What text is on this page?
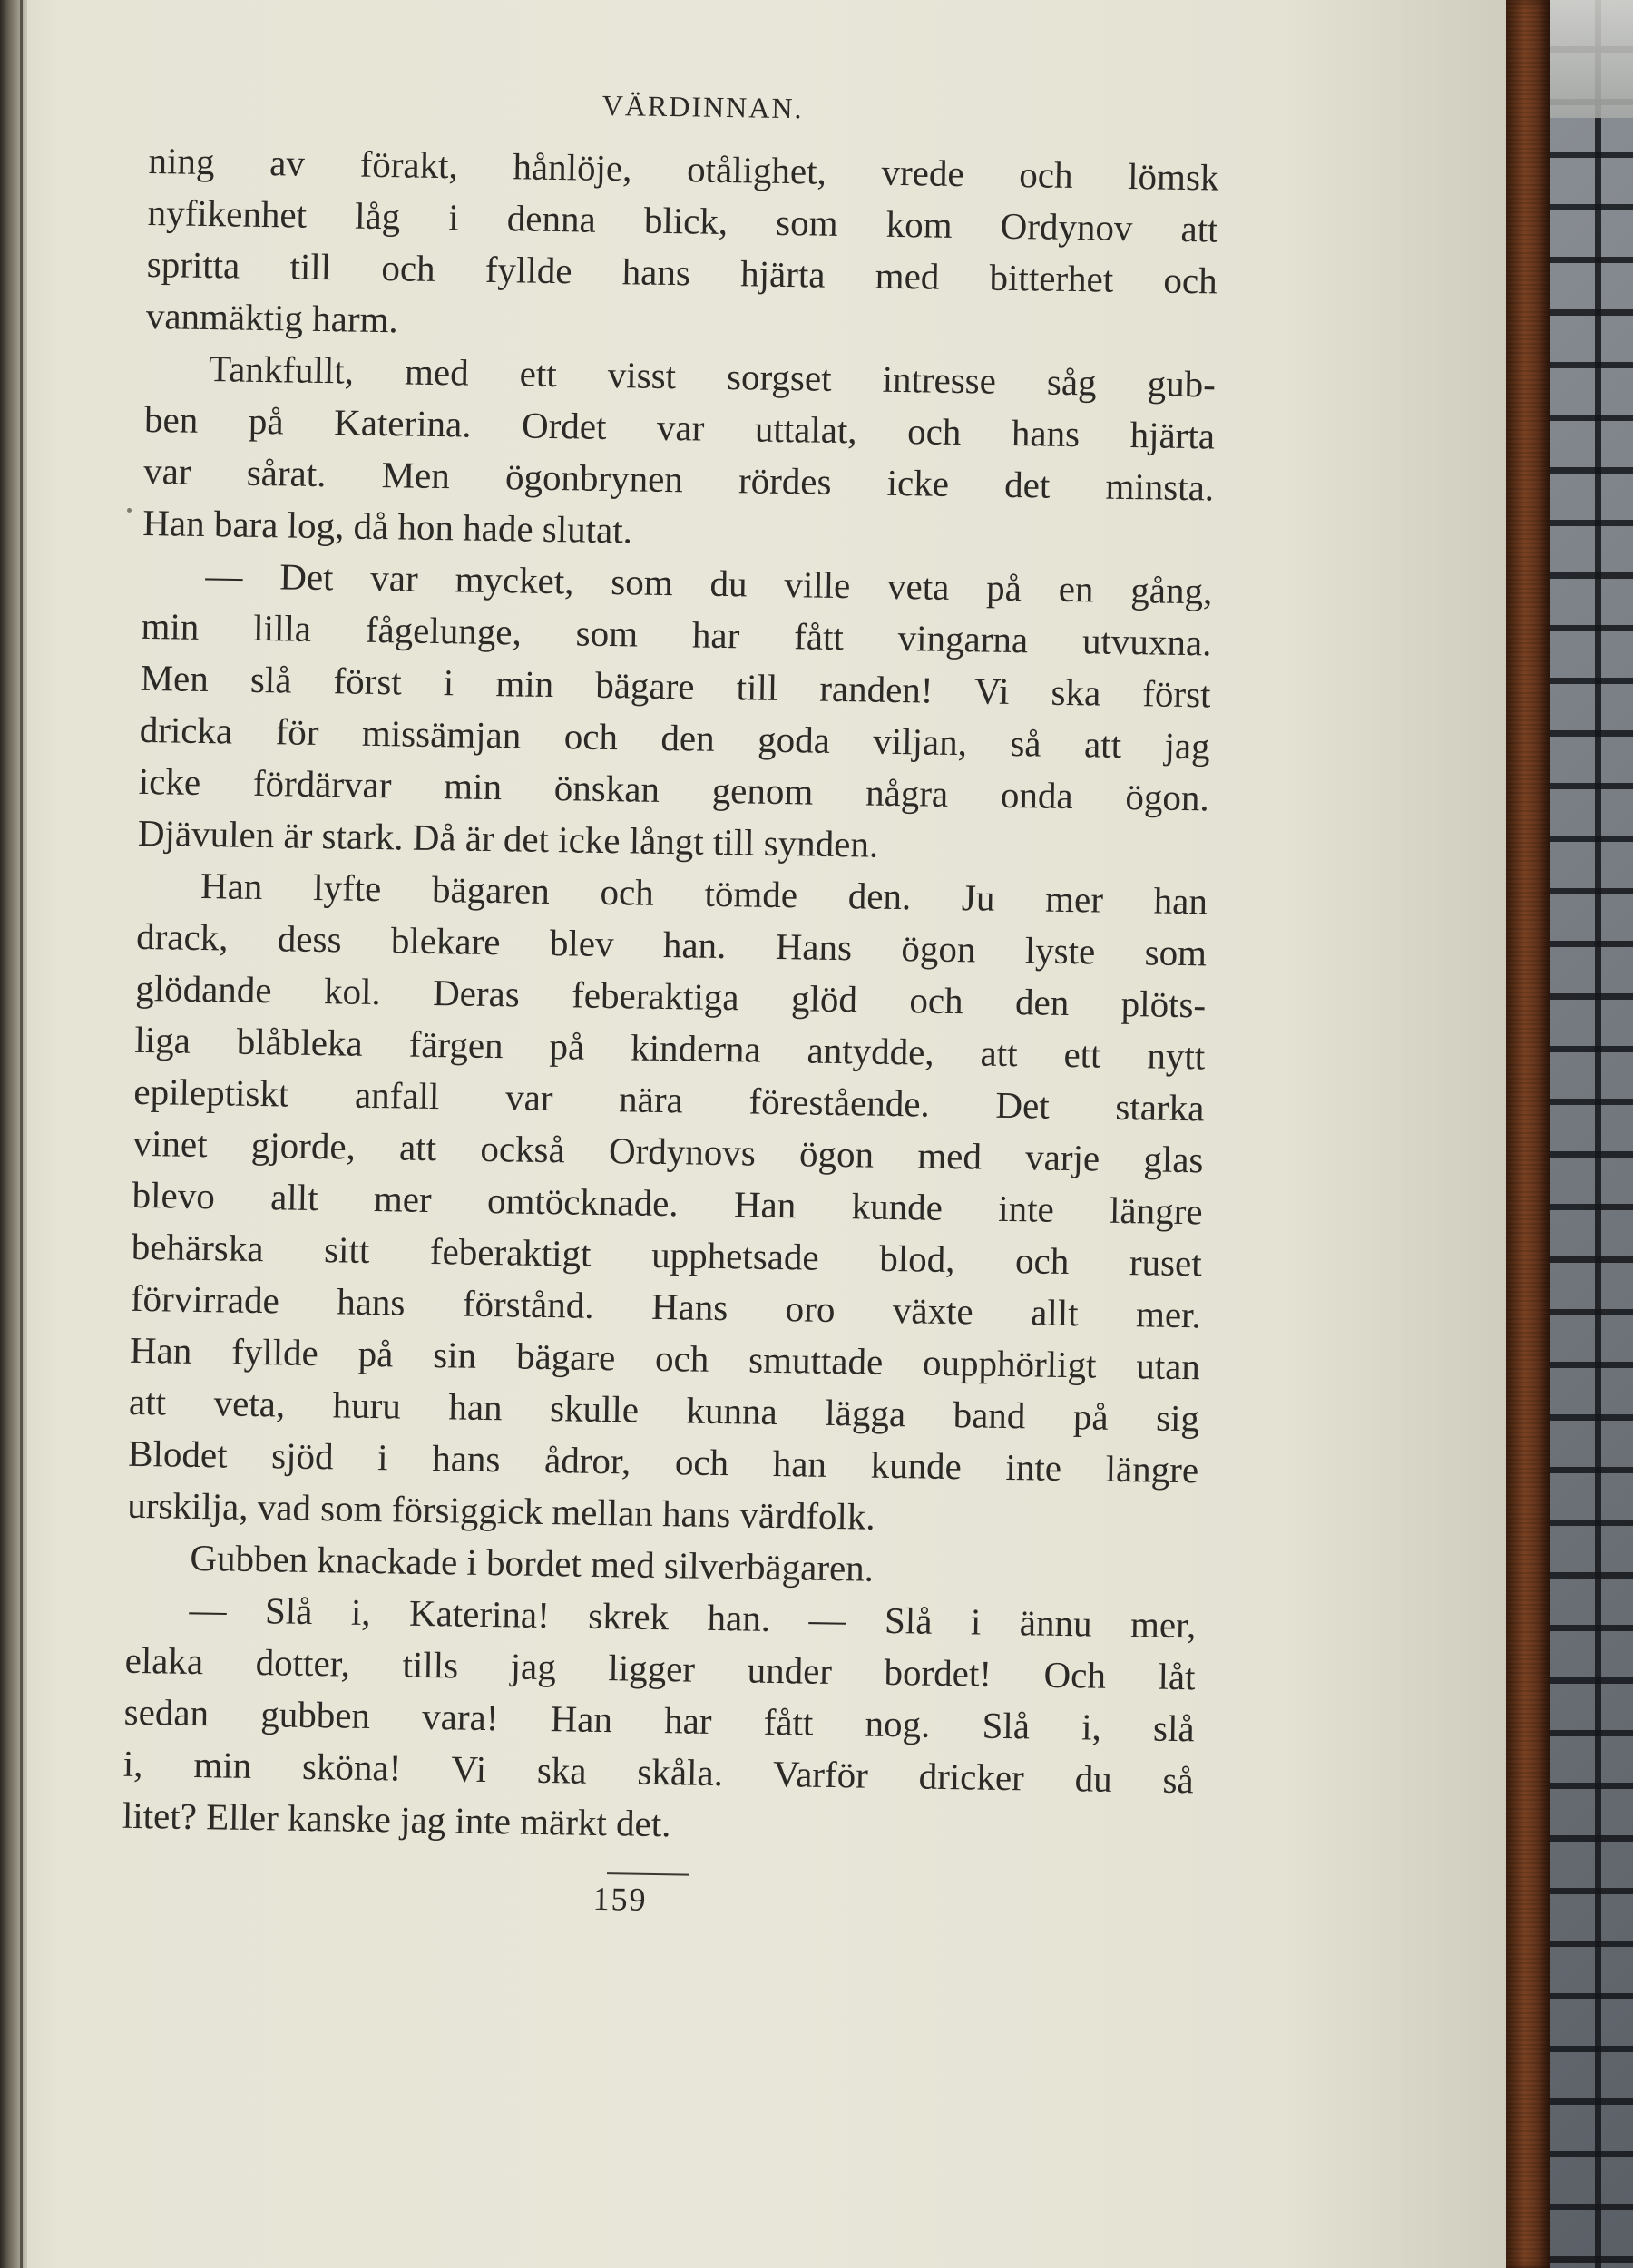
VÄRDINNAN.
ning av förakt, hånlöje, otålighet, vrede och lömsk
nyfikenhet låg i denna blick, som kom Ordynov att
spritta till och fyllde hans hjärta med bitterhet och
vanmäktig harm.
Tankfullt, med ett visst sorgset intresse såg gub-
ben på Katerina. Ordet var uttalat, och hans hjärta
var sårat. Men ögonbrynen rördes icke det minsta.
Han bara log, då hon hade slutat.
— Det var mycket, som du ville veta på en gång,
min lilla fågelunge, som har fått vingarna utvuxna.
Men slå först i min bägare till randen! Vi ska först
dricka för missämjan och den goda viljan, så att jag
icke fördärvar min önskan genom några onda ögon.
Djävulen är stark. Då är det icke långt till synden.
Han lyfte bägaren och tömde den. Ju mer han
drack, dess blekare blev han. Hans ögon lyste som
glödande kol. Deras feberaktiga glöd och den plöts-
liga blåbleka färgen på kinderna antydde, att ett nytt
epileptiskt anfall var nära förestående. Det starka
vinet gjorde, att också Ordynovs ögon med varje glas
blevo allt mer omtöcknade. Han kunde inte längre
behärska sitt feberaktigt upphetsade blod, och ruset
förvirrade hans förstånd. Hans oro växte allt mer.
Han fyllde på sin bägare och smuttade oupphörligt utan
att veta, huru han skulle kunna lägga band på sig
Blodet sjöd i hans ådror, och han kunde inte längre
urskilja, vad som försiggick mellan hans värdfolk.
Gubben knackade i bordet med silverbägaren.
— Slå i, Katerina! skrek han. — Slå i ännu mer,
elaka dotter, tills jag ligger under bordet! Och låt
sedan gubben vara! Han har fått nog. Slå i, slå
i, min sköna! Vi ska skåla. Varför dricker du så
litet? Eller kanske jag inte märkt det.
159
